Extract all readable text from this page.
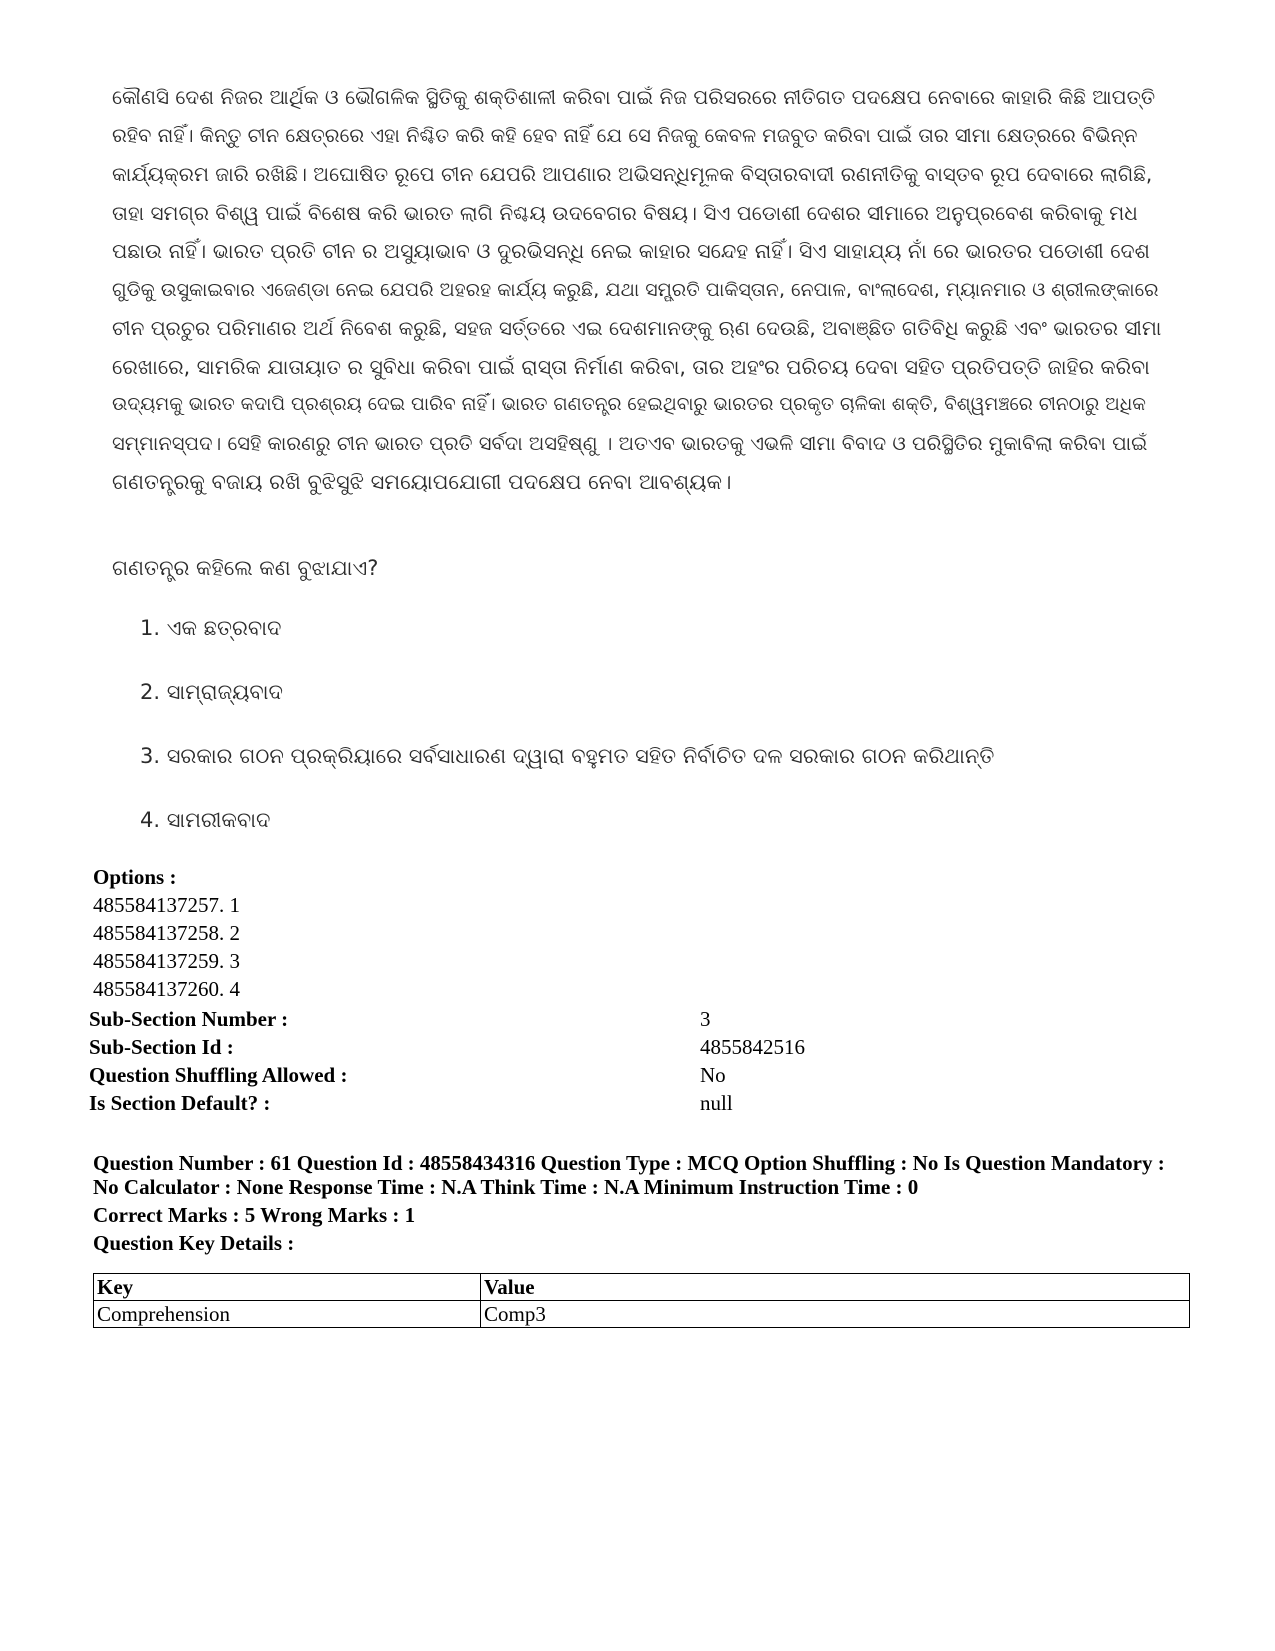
କୌଣସି ଦେଶ ନିଜର ଆର୍ଥିକ ଓ ଭୌଗଳିକ ସ୍ଥିତିକୁ ଶକ୍ତିଶାଳୀ କରିବା ପାଇଁ ନିଜ ପରିସରରେ ନୀତିଗତ ପଦକ୍ଷେପ ନେବାରେ କାହାରି କିଛି ଆପତ୍ତି
ରହିବ ନାହିଁ। କିନ୍ତୁ ଚୀନ କ୍ଷେତ୍ରରେ ଏହା ନିଶ୍ଚିତ କରି କହି ହେବ ନାହିଁ ଯେ ସେ ନିଜକୁ କେବଳ ମଜବୁତ କରିବା ପାଇଁ ତାର ସୀମା କ୍ଷେତ୍ରରେ ବିଭିନ୍ନ
କାର୍ଯ୍ୟକ୍ରମ ଜାରି ରଖିଛି। ଅଘୋଷିତ ରୂପେ ଚୀନ ଯେପରି ଆପଣାର ଅଭିସନ୍ଧିମୂଳକ ବିସ୍ତାରବାଦୀ ରଣନୀତିକୁ ବାସ୍ତବ ରୂପ ଦେବାରେ ଲାଗିଛି,
ତାହା ସମଗ୍ର ବିଶ୍ୱ ପାଇଁ ବିଶେଷ କରି ଭାରତ ଲାଗି ନିଶ୍ଚୟ ଉଦବେଗର ବିଷୟ। ସିଏ ପଡୋଶୀ ଦେଶର ସୀମାରେ ଅନୁପ୍ରବେଶ କରିବାକୁ ମଧ
ପଛାଉ ନାହିଁ। ଭାରତ ପ୍ରତି ଚୀନ ର ଅସୁୟାଭାବ ଓ ଦୁରଭିସନ୍ଧି ନେଇ କାହାର ସନ୍ଦେହ ନାହିଁ। ସିଏ ସାହାଯ୍ୟ ନାଁ ରେ ଭାରତର ପଡୋଶୀ ଦେଶ
ଗୁଡିକୁ ଉସୁକାଇବାର ଏଜେଣ୍ଡା ନେଇ ଯେପରି ଅହରହ କାର୍ଯ୍ୟ କରୁଛି, ଯଥା ସମ୍ପ୍ରତି ପାକିସ୍ତାନ, ନେପାଳ, ବାଂଲାଦେଶ, ମ୍ୟାନମାର ଓ ଶ୍ରୀଲଙ୍କାରେ
ଚୀନ ପ୍ରଚୁର ପରିମାଣର ଅର୍ଥ ନିବେଶ କରୁଛି, ସହଜ ସର୍ତ୍ତରେ ଏଇ ଦେଶମାନଙ୍କୁ ଋଣ ଦେଉଛି, ଅବାଞ୍ଛିତ ଗତିବିଧି କରୁଛି ଏବଂ ଭାରତର ସୀମା
ରେଖାରେ, ସାମରିକ ଯାତାୟାତ ର ସୁବିଧା କରିବା ପାଇଁ ରାସ୍ତା ନିର୍ମାଣ କରିବା, ତାର ଅହଂର ପରିଚୟ ଦେବା ସହିତ ପ୍ରତିପତ୍ତି ଜାହିର କରିବା
ଉଦ୍ୟମକୁ ଭାରତ କଦାପି ପ୍ରଶ୍ରୟ ଦେଇ ପାରିବ ନାହିଁ। ଭାରତ ଗଣତନ୍ତ୍ର ହେଇଥିବାରୁ ଭାରତର ପ୍ରକୃତ ଚାଳିକା ଶକ୍ତି, ବିଶ୍ୱମଞ୍ଚରେ ଚୀନଠାରୁ ଅଧିକ
ସମ୍ମାନସ୍ପଦ। ସେହି କାରଣରୁ ଚୀନ ଭାରତ ପ୍ରତି ସର୍ବଦା ଅସହିଷ୍ଣୁ । ଅତଏବ ଭାରତକୁ ଏଭଳି ସୀମା ବିବାଦ ଓ ପରିସ୍ଥିତିର ମୁକାବିଲା କରିବା ପାଇଁ
ଗଣତନ୍ତ୍ରକୁ ବଜାୟ ରଖି ବୁଝିସୁଝି ସମୟୋପଯୋଗୀ ପଦକ୍ଷେପ ନେବା ଆବଶ୍ୟକ।
ଗଣତନ୍ତ୍ର କହିଲେ କଣ ବୁଝାଯାଏ?
1. ଏକ ଛତ୍ରବାଦ
2. ସାମ୍ରାଜ୍ୟବାଦ
3. ସରକାର ଗଠନ ପ୍ରକ୍ରିୟାରେ ସର୍ବସାଧାରଣ ଦ୍ୱାରା ବହୁମତ ସହିତ ନିର୍ବାଚିତ ଦଳ ସରକାର ଗଠନ କରିଥାନ୍ତି
4. ସାମରୀକବାଦ
Options :
485584137257. 1
485584137258. 2
485584137259. 3
485584137260. 4
Sub-Section Number :	3
Sub-Section Id :	4855842516
Question Shuffling Allowed :	No
Is Section Default? :	null
Question Number : 61 Question Id : 48558434316 Question Type : MCQ Option Shuffling : No Is Question Mandatory :
No Calculator : None Response Time : N.A Think Time : N.A Minimum Instruction Time : 0
Correct Marks : 5 Wrong Marks : 1
Question Key Details :
Key	Value
Comprehension	Comp3
